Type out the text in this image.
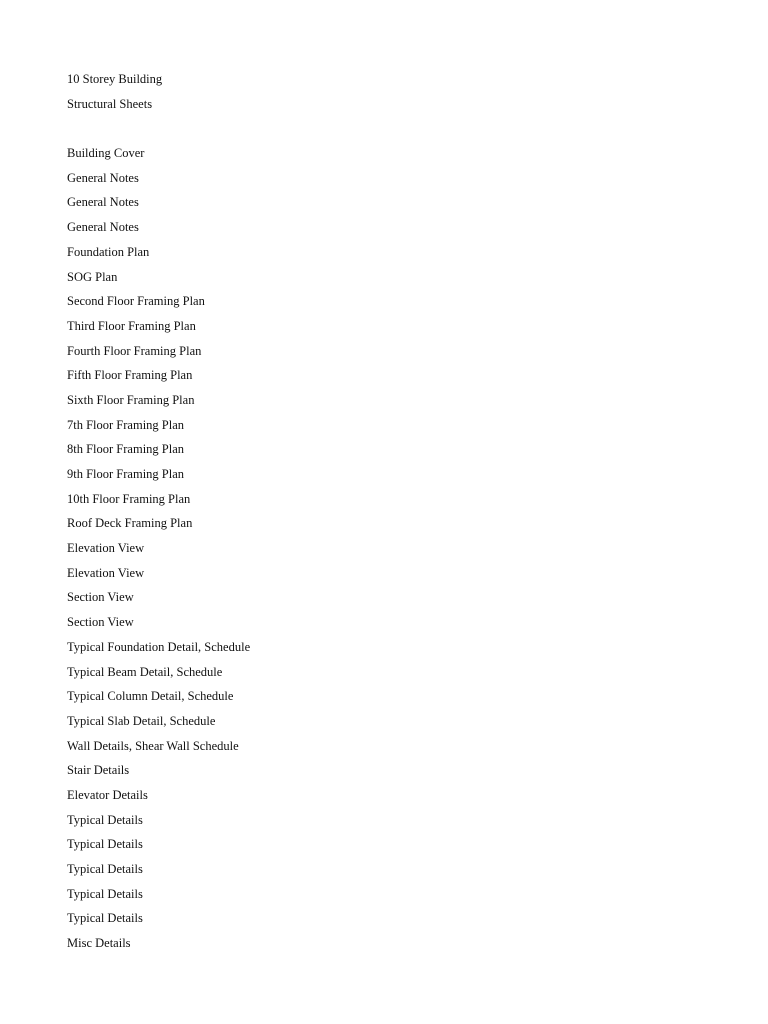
10 Storey Building
Structural Sheets
Building Cover
General Notes
General Notes
General Notes
Foundation Plan
SOG Plan
Second Floor Framing Plan
Third Floor Framing Plan
Fourth Floor Framing Plan
Fifth Floor Framing Plan
Sixth Floor Framing Plan
7th Floor Framing Plan
8th Floor Framing Plan
9th Floor Framing Plan
10th Floor Framing Plan
Roof Deck Framing Plan
Elevation View
Elevation View
Section View
Section View
Typical Foundation Detail, Schedule
Typical Beam Detail, Schedule
Typical Column Detail, Schedule
Typical Slab Detail, Schedule
Wall Details, Shear Wall Schedule
Stair Details
Elevator Details
Typical Details
Typical Details
Typical Details
Typical Details
Typical Details
Misc Details
